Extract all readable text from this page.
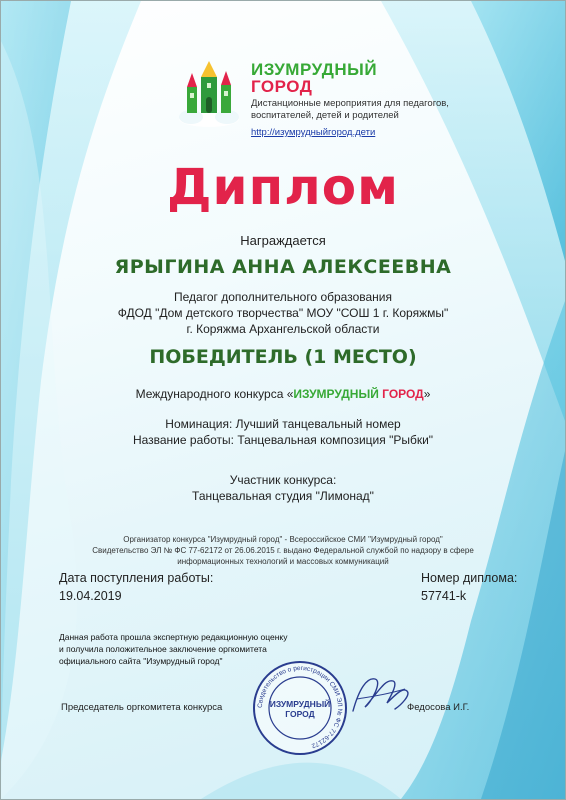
ИЗУМРУДНЫЙ
ГОРОД
Дистанционные мероприятия для педагогов,
воспитателей, детей и родителей
http://изумрудныйгород.дети
Диплом
Награждается
ЯРЫГИНА АННА АЛЕКСЕЕВНА
Педагог дополнительного образования
ФДОД "Дом детского творчества" МОУ "СОШ 1 г. Коряжмы"
г. Коряжма Архангельской области
ПОБЕДИТЕЛЬ (1 МЕСТО)
Международного конкурса «ИЗУМРУДНЫЙ ГОРОД»
Номинация: Лучший танцевальный номер
Название работы: Танцевальная композиция "Рыбки"
Участник конкурса:
Танцевальная студия "Лимонад"
Организатор конкурса "Изумрудный город" - Всероссийское СМИ "Изумрудный город"
Свидетельство ЭЛ № ФС 77-62172 от 26.06.2015 г. выдано Федеральной службой по надзору в сфере
информационных технологий и массовых коммуникаций
Дата поступления работы:
19.04.2019
Номер диплома:
57741-k
Данная работа прошла экспертную редакционную оценку
и получила положительное заключение оргкомитета
официального сайта "Изумрудный город"
Председатель оргкомитета конкурса	Федосова И.Г.
Свидетельство о регистрации СМИ ЭЛ № ФС 77-62172
ИЗУМРУДНЫЙ
ГОРОД
